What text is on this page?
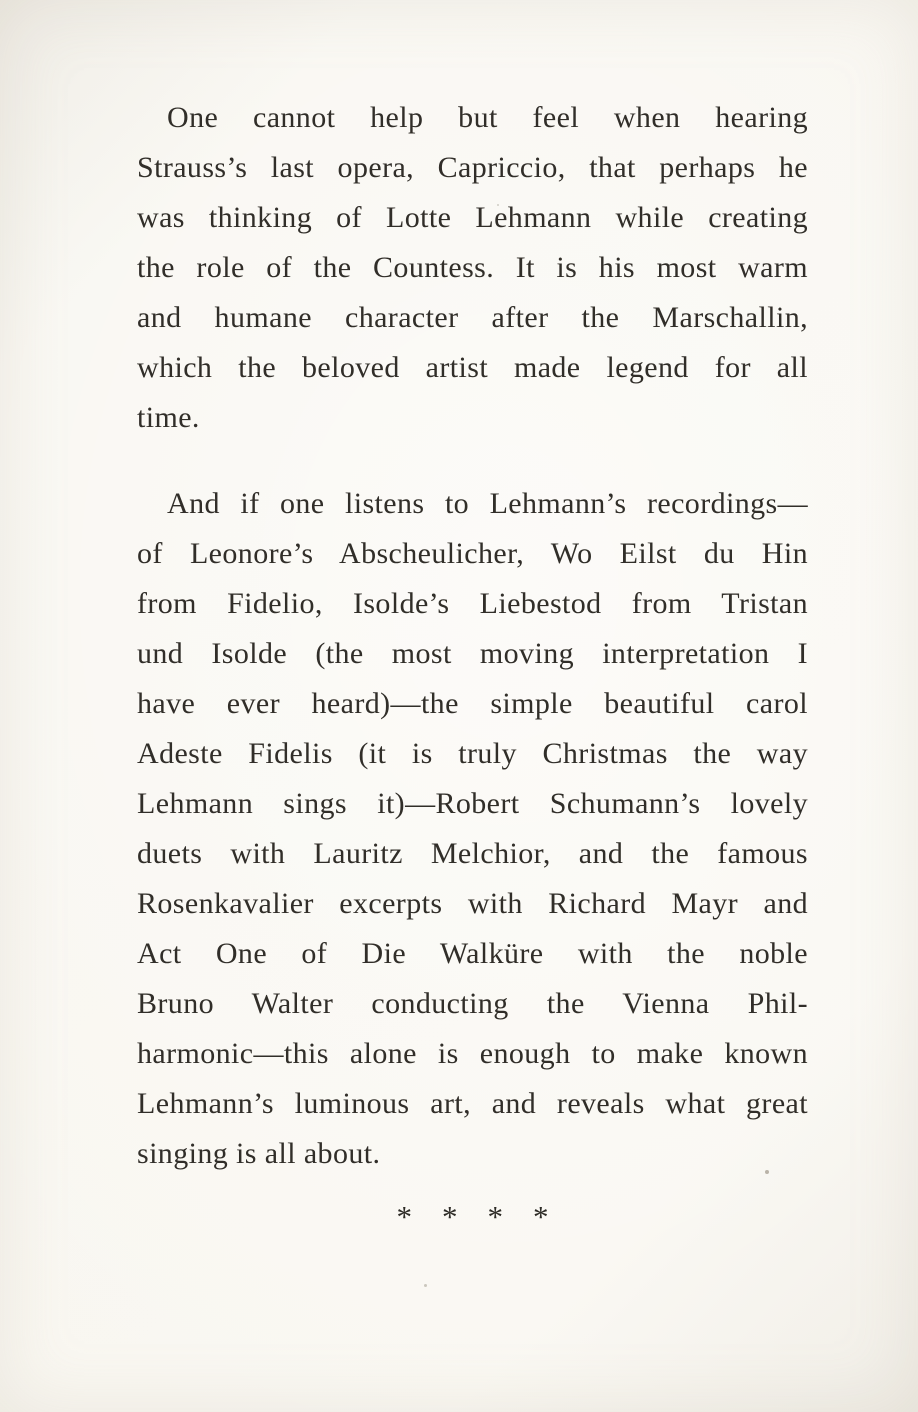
One cannot help but feel when hearing
Strauss’s last opera, Capriccio, that perhaps he
was thinking of Lotte Lehmann while creating
the role of the Countess. It is his most warm
and humane character after the Marschallin,
which the beloved artist made legend for all
time.
And if one listens to Lehmann’s recordings—
of Leonore’s Abscheulicher, Wo Eilst du Hin
from Fidelio, Isolde’s Liebestod from Tristan
und Isolde (the most moving interpretation I
have ever heard)—the simple beautiful carol
Adeste Fidelis (it is truly Christmas the way
Lehmann sings it)—Robert Schumann’s lovely
duets with Lauritz Melchior, and the famous
Rosenkavalier excerpts with Richard Mayr and
Act One of Die Walküre with the noble
Bruno Walter conducting the Vienna Phil-
harmonic—this alone is enough to make known
Lehmann’s luminous art, and reveals what great
singing is all about.
* * * *
